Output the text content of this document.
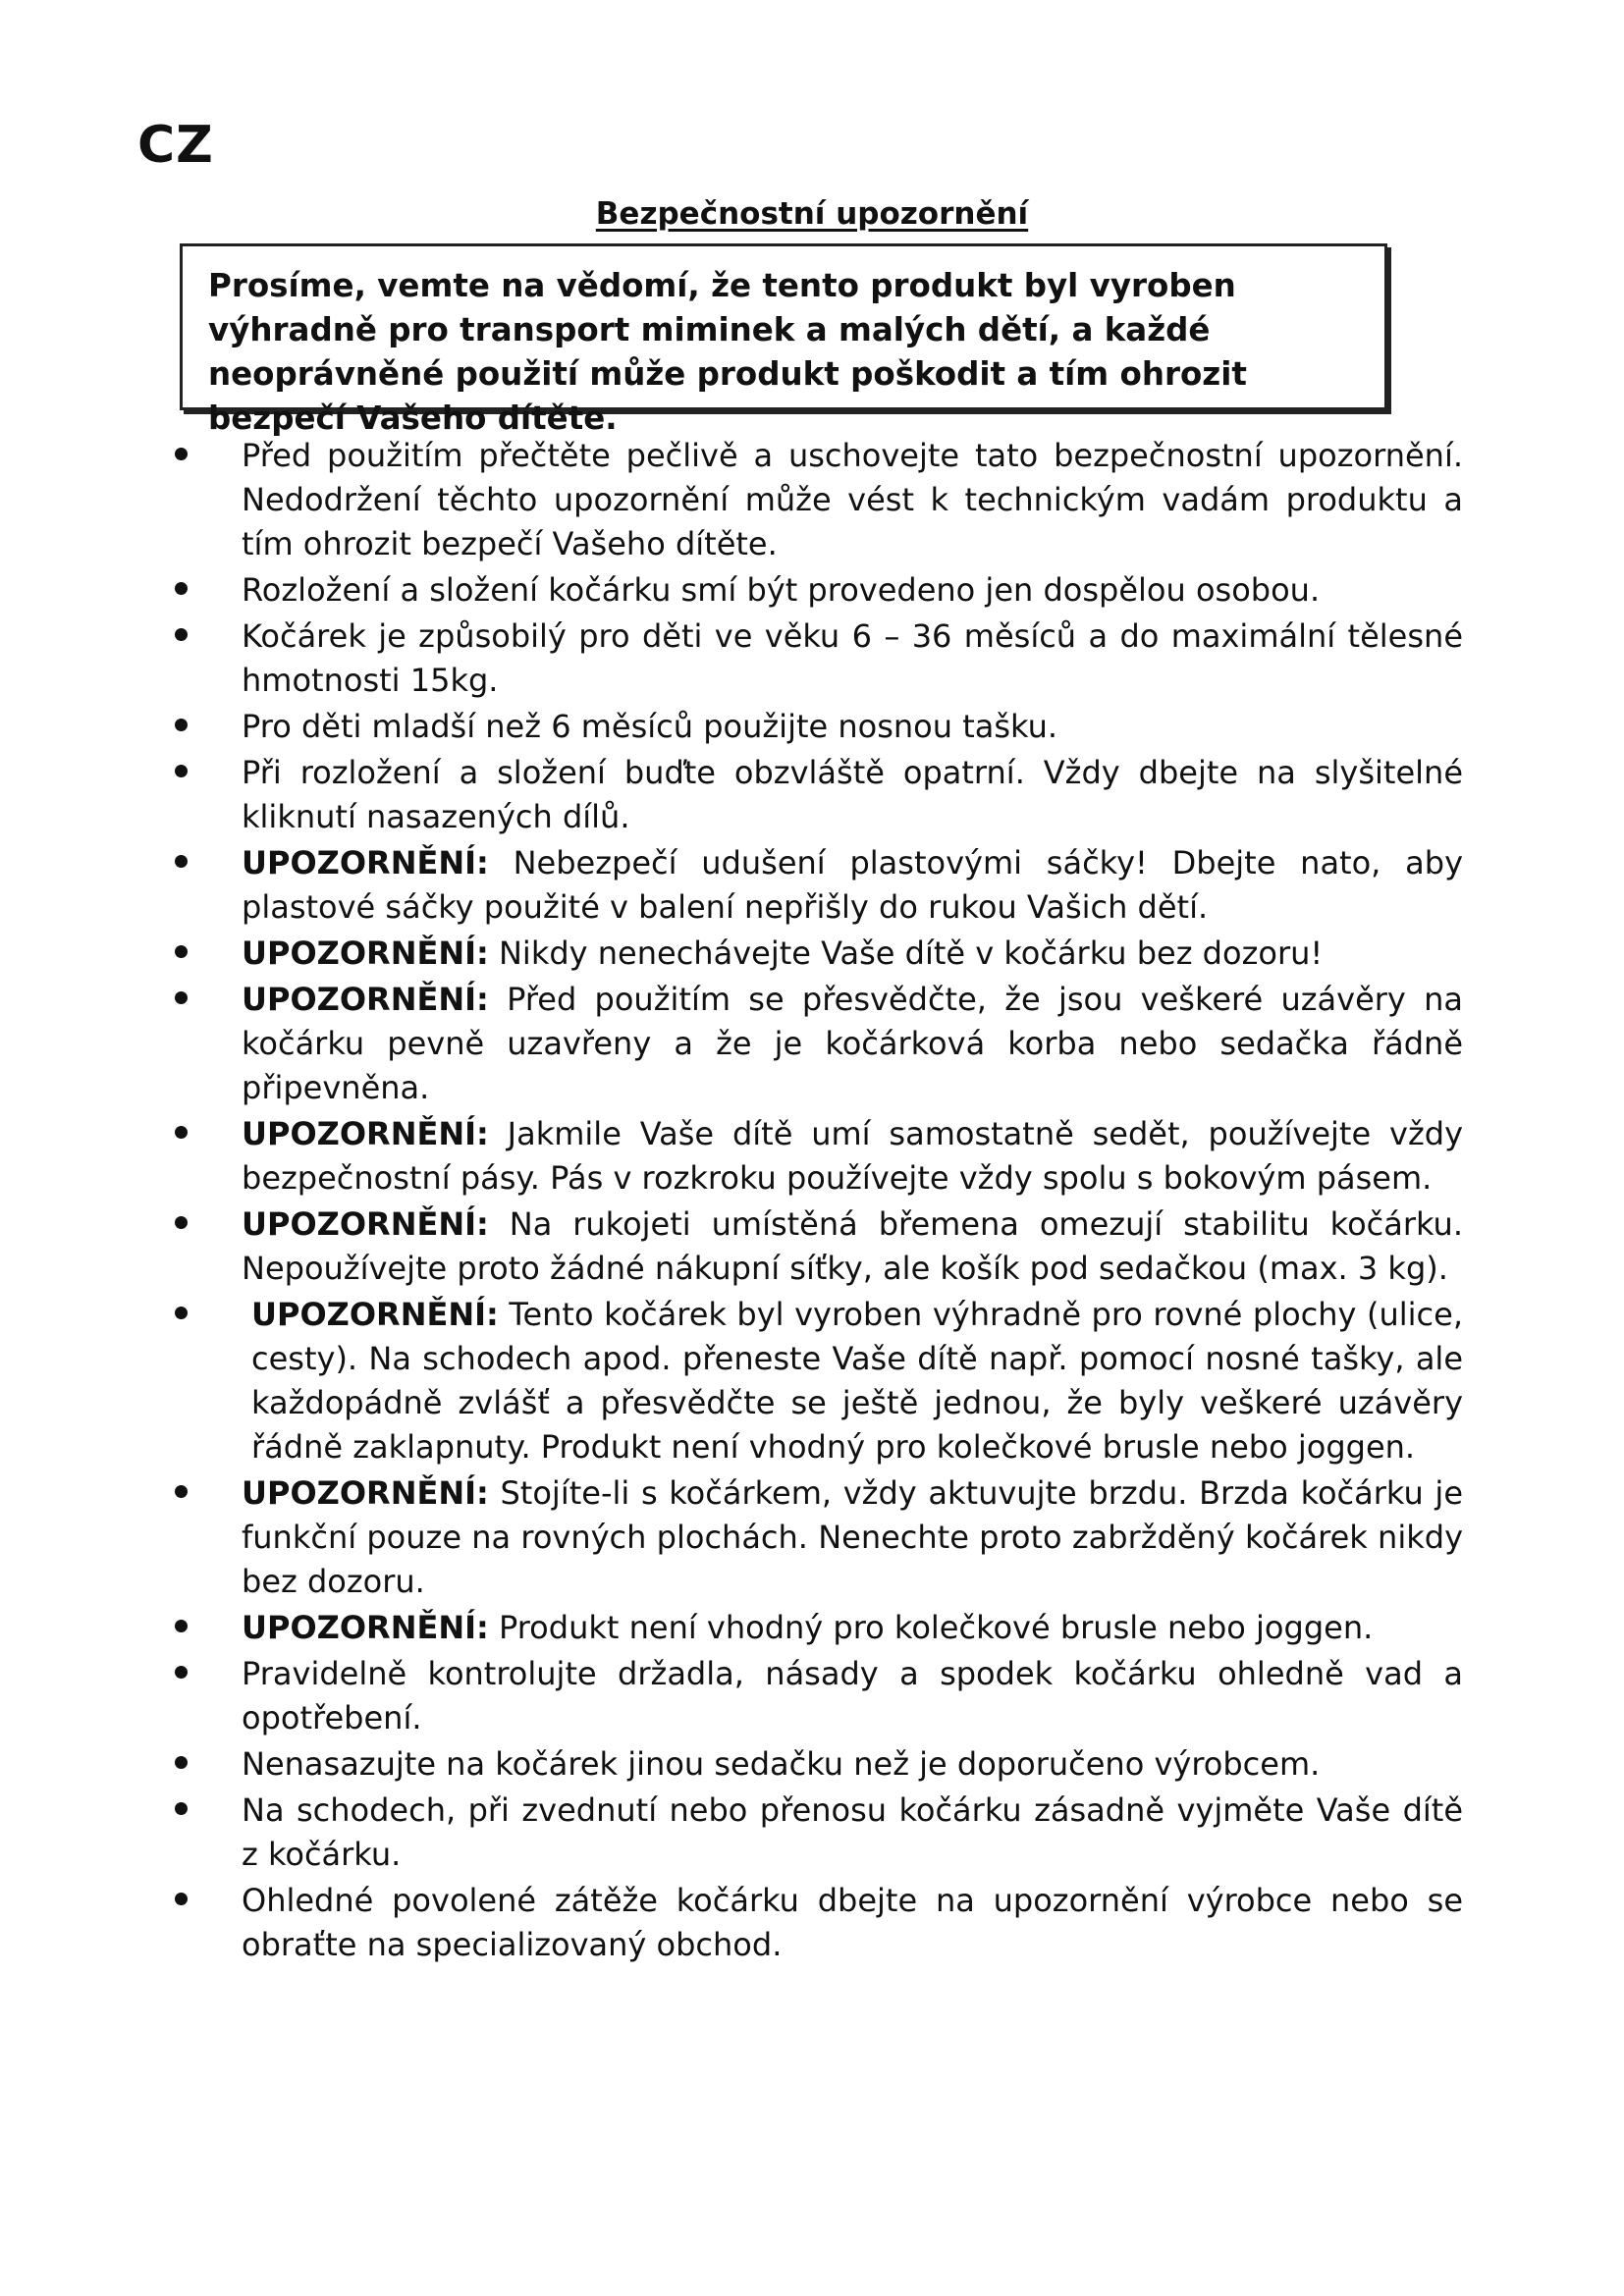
CZ
Bezpečnostní upozornění
Prosíme, vemte na vědomí, že tento produkt byl vyroben výhradně pro transport miminek a malých dětí, a každé neoprávněné použití může produkt poškodit a tím ohrozit bezpečí Vašeho dítěte.
Před použitím přečtěte pečlivě a uschovejte tato bezpečnostní upozornění. Nedodržení těchto upozornění může vést k technickým vadám produktu a tím ohrozit bezpečí Vašeho dítěte.
Rozložení a složení kočárku smí být provedeno jen dospělou osobou.
Kočárek je způsobilý pro děti ve věku 6 – 36 měsíců a do maximální tělesné hmotnosti 15kg.
Pro děti mladší než 6 měsíců použijte nosnou tašku.
Při rozložení a složení buďte obzvláště opatrní. Vždy dbejte na slyšitelné kliknutí nasazených dílů.
UPOZORNĚNÍ: Nebezpečí udušení plastovými sáčky! Dbejte nato, aby plastové sáčky použité v balení nepřišly do rukou Vašich dětí.
UPOZORNĚNÍ: Nikdy nenechávejte Vaše dítě v kočárku bez dozoru!
UPOZORNĚNÍ: Před použitím se přesvědčte, že jsou veškeré uzávěry na kočárku pevně uzavřeny a že je kočárková korba nebo sedačka řádně připevněna.
UPOZORNĚNÍ: Jakmile Vaše dítě umí samostatně sedět, používejte vždy bezpečnostní pásy. Pás v rozkroku používejte vždy spolu s bokovým pásem.
UPOZORNĚNÍ: Na rukojeti umístěná břemena omezují stabilitu kočárku. Nepoužívejte proto žádné nákupní síťky, ale košík pod sedačkou (max. 3 kg).
UPOZORNĚNÍ: Tento kočárek byl vyroben výhradně pro rovné plochy (ulice, cesty). Na schodech apod. přeneste Vaše dítě např. pomocí nosné tašky, ale každopádně zvlášť a přesvědčte se ještě jednou, že byly veškeré uzávěry řádně zaklapnuty. Produkt není vhodný pro kolečkové brusle nebo joggen.
UPOZORNĚNÍ: Stojíte-li s kočárkem, vždy aktuvujte brzdu. Brzda kočárku je funkční pouze na rovných plochách. Nenechte proto zabržděný kočárek nikdy bez dozoru.
UPOZORNĚNÍ: Produkt není vhodný pro kolečkové brusle nebo joggen.
Pravidelně kontrolujte držadla, násady a spodek kočárku ohledně vad a opotřebení.
Nenasazujte na kočárek jinou sedačku než je doporučeno výrobcem.
Na schodech, při zvednutí nebo přenosu kočárku zásadně vyjměte Vaše dítě z kočárku.
Ohledné povolené zátěže kočárku dbejte na upozornění výrobce nebo se obraťte na specializovaný obchod.
